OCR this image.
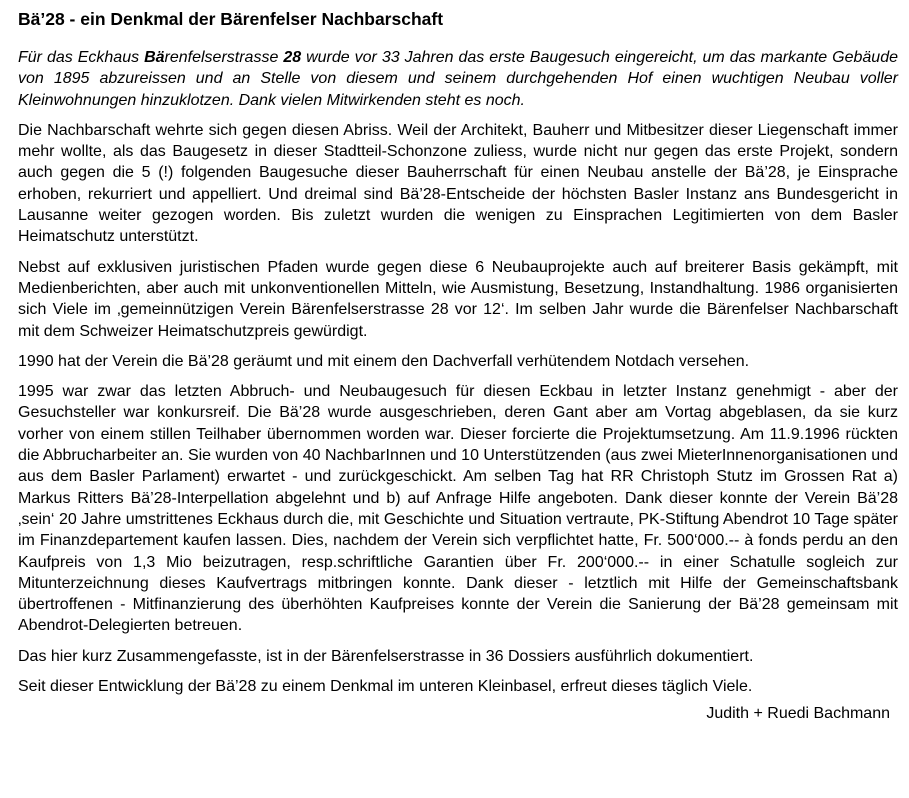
Bä’28 - ein Denkmal der Bärenfelser Nachbarschaft

Für das Eckhaus Bärenfelserstrasse 28 wurde vor 33 Jahren das erste Baugesuch eingereicht, um das markante Gebäude von 1895 abzureissen und an Stelle von diesem und seinem durchgehenden Hof einen wuchtigen Neubau voller Kleinwohnungen hinzuklotzen. Dank vielen Mitwirkenden steht es noch.

Die Nachbarschaft wehrte sich gegen diesen Abriss. Weil der Architekt, Bauherr und Mitbesitzer dieser Liegenschaft immer mehr wollte, als das Baugesetz in dieser Stadtteil-Schonzone zuliess, wurde nicht nur gegen das erste Projekt, sondern auch gegen die 5 (!) folgenden Baugesuche dieser Bauherrschaft für einen Neubau anstelle der Bä’28, je Einsprache erhoben, rekurriert und appelliert. Und dreimal sind Bä’28-Entscheide der höchsten Basler Instanz ans Bundesgericht in Lausanne weiter gezogen worden. Bis zuletzt wurden die wenigen zu Einsprachen Legitimierten von dem Basler Heimatschutz unterstützt.

Nebst auf exklusiven juristischen Pfaden wurde gegen diese 6 Neubauprojekte auch auf breiterer Basis gekämpft, mit Medienberichten, aber auch mit unkonventionellen Mitteln, wie Ausmistung, Besetzung, Instandhaltung. 1986 organisierten sich Viele im ‚gemeinnützigen Verein Bärenfelserstrasse 28 vor 12‘. Im selben Jahr wurde die Bärenfelser Nachbarschaft mit dem Schweizer Heimatschutzpreis gewürdigt.

1990 hat der Verein die Bä’28 geräumt und mit einem den Dachverfall verhütendem Notdach versehen.

1995 war zwar das letzten Abbruch- und Neubaugesuch für diesen Eckbau in letzter Instanz genehmigt - aber der Gesuchsteller war konkursreif. Die Bä’28 wurde ausgeschrieben, deren Gant aber am Vortag abgeblasen, da sie kurz vorher von einem stillen Teilhaber übernommen worden war. Dieser forcierte die Projektumsetzung. Am 11.9.1996 rückten die Abbrucharbeiter an. Sie wurden von 40 NachbarInnen und 10 Unterstützenden (aus zwei MieterInnenorganisationen und aus dem Basler Parlament) erwartet - und zurückgeschickt. Am selben Tag hat RR Christoph Stutz im Grossen Rat a) Markus Ritters Bä’28-Interpellation abgelehnt und b) auf Anfrage Hilfe angeboten. Dank dieser konnte der Verein Bä’28 ‚sein‘ 20 Jahre umstrittenes Eckhaus durch die, mit Geschichte und Situation vertraute, PK-Stiftung Abendrot 10 Tage später im Finanzdepartement kaufen lassen. Dies, nachdem der Verein sich verpflichtet hatte, Fr. 500‘000.-- à fonds perdu an den Kaufpreis von 1,3 Mio beizutragen, resp.schriftliche Garantien über Fr. 200‘000.-- in einer Schatulle sogleich zur Mitunterzeichnung dieses Kaufvertrags mitbringen konnte. Dank dieser - letztlich mit Hilfe der Gemeinschaftsbank übertroffenen - Mitfinanzierung des überhöhten Kaufpreises konnte der Verein die Sanierung der Bä’28 gemeinsam mit Abendrot-Delegierten betreuen.

Das hier kurz Zusammengefasste, ist in der Bärenfelserstrasse in 36 Dossiers ausführlich dokumentiert.

Seit dieser Entwicklung der Bä’28 zu einem Denkmal im unteren Kleinbasel, erfreut dieses täglich Viele.

Judith + Ruedi Bachmann
